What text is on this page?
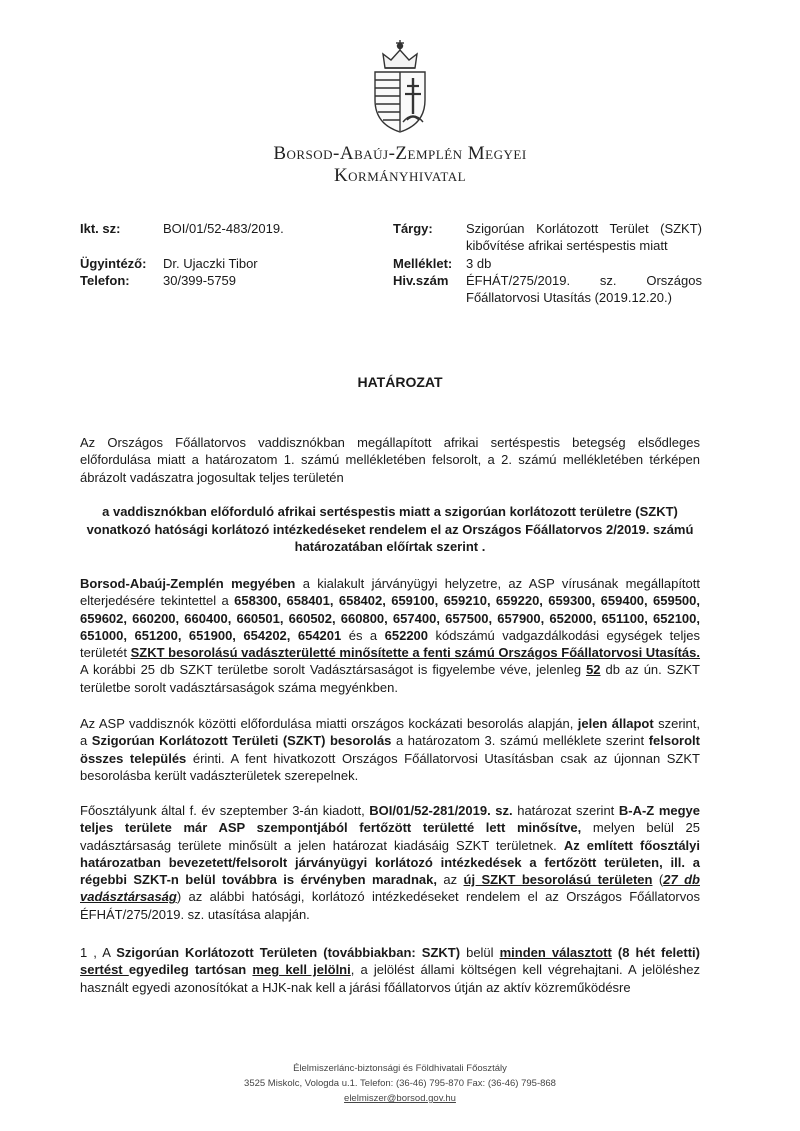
Borsod-Abaúj-Zemplén Megyei
Kormányhivatal
Ikt. sz:	BOI/01/52-483/2019.
Ügyintéző: Dr. Ujaczki Tibor
Telefon:	30/399-5759
Tárgy:	Szigorúan Korlátozott Terület (SZKT)
kibővítése afrikai sertéspestis miatt
Melléklet: 3 db
Hiv.szám ÉFHÁT/275/2019. sz. Országos
Főállatorvosi Utasítás (2019.12.20.)
HATÁROZAT
Az Országos Főállatorvos vaddisznókban megállapított afrikai sertéspestis betegség elsődleges előfordulása miatt a határozatom 1. számú mellékletében felsorolt, a 2. számú mellékletében térképen ábrázolt vadászatra jogosultak teljes területén
a vaddisznókban előforduló afrikai sertéspestis miatt a szigorúan korlátozott területre (SZKT) vonatkozó hatósági korlátozó intézkedéseket rendelem el az Országos Főállatorvos 2/2019. számú határozatában előírtak szerint .
Borsod-Abaúj-Zemplén megyében a kialakult járványügyi helyzetre, az ASP vírusának megállapított elterjedésére tekintettel a 658300, 658401, 658402, 659100, 659210, 659220, 659300, 659400, 659500, 659602, 660200, 660400, 660501, 660502, 660800, 657400, 657500, 657900, 652000, 651100, 652100, 651000, 651200, 651900, 654202, 654201 és a 652200 kódszámú vadgazdálkodási egységek teljes területét SZKT besorolású vadászterületté minősítette a fenti számú Országos Főállatorvosi Utasítás. A korábbi 25 db SZKT területbe sorolt Vadásztársaságot is figyelembe véve, jelenleg 52 db az ún. SZKT területbe sorolt vadásztársaságok száma megyénkben.
Az ASP vaddisznók közötti előfordulása miatti országos kockázati besorolás alapján, jelen állapot szerint, a Szigorúan Korlátozott Területi (SZKT) besorolás a határozatom 3. számú melléklete szerint felsorolt összes település érinti. A fent hivatkozott Országos Főállatorvosi Utasításban csak az újonnan SZKT besorolásba került vadászterületek szerepelnek.
Főosztályunk által f. év szeptember 3-án kiadott, BOI/01/52-281/2019. sz. határozat szerint B-A-Z megye teljes területe már ASP szempontjából fertőzött területté lett minősítve, melyen belül 25 vadásztársaság területe minősült a jelen határozat kiadásáig SZKT területnek. Az említett főosztályi határozatban bevezetett/felsorolt járványügyi korlátozó intézkedések a fertőzött területen, ill. a régebbi SZKT-n belül továbbra is érvényben maradnak, az új SZKT besorolású területen (27 db vadásztársaság) az alábbi hatósági, korlátozó intézkedéseket rendelem el az Országos Főállatorvos ÉFHÁT/275/2019. sz. utasítása alapján.
1 , A Szigorúan Korlátozott Területen (továbbiakban: SZKT) belül minden választott (8 hét feletti) sertést egyedileg tartósan meg kell jelölni, a jelölést állami költségen kell végrehajtani. A jelöléshez használt egyedi azonosítókat a HJK-nak kell a járási főállatorvos útján az aktív közreműködésre
Élelmiszerlánc-biztonsági és Földhivatali Főosztály
3525 Miskolc, Vologda u.1. Telefon: (36-46) 795-870 Fax: (36-46) 795-868
elelmiszer@borsod.gov.hu
